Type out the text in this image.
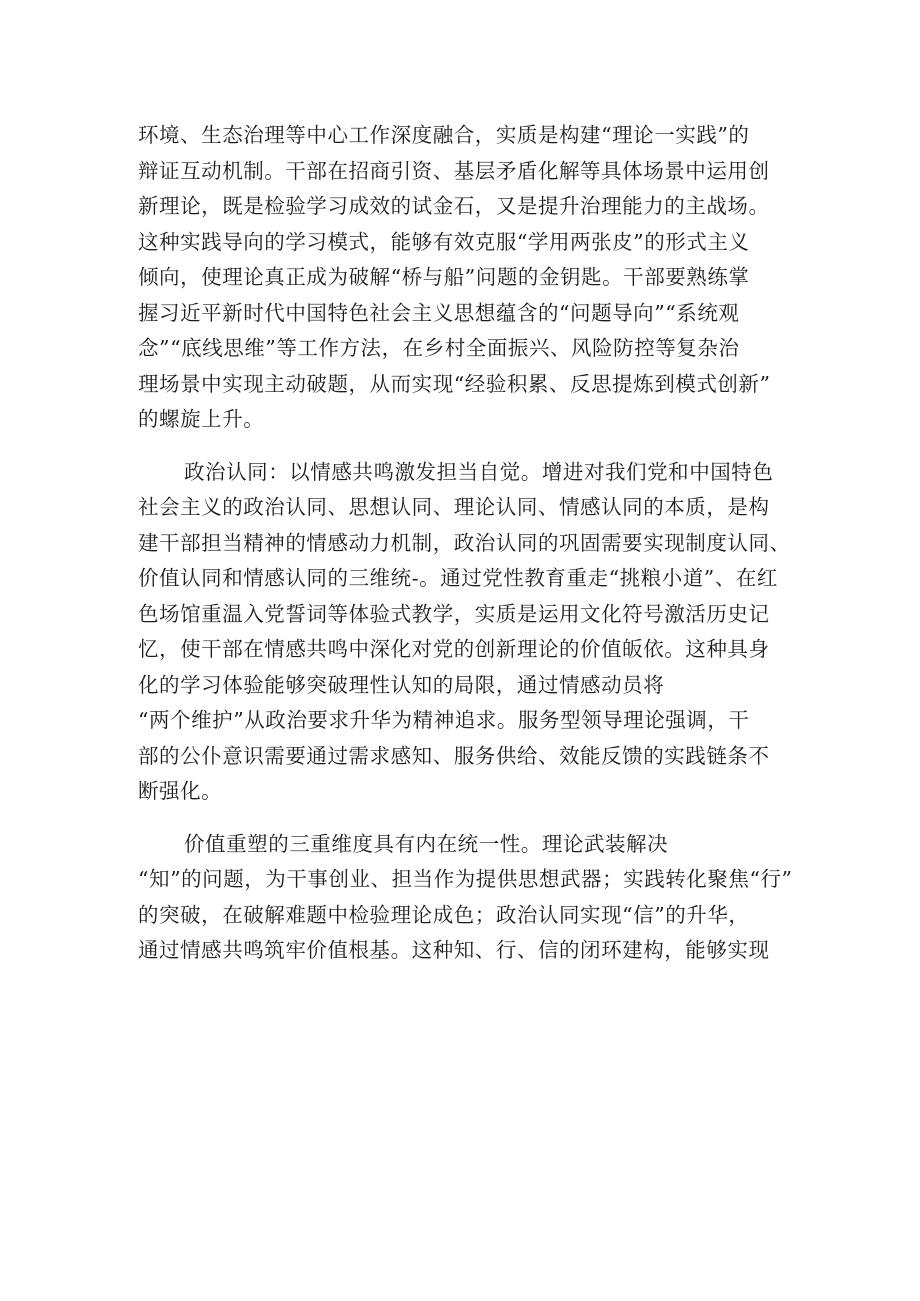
环境、生态治理等中心工作深度融合，实质是构建“理论一实践”的
辩证互动机制。干部在招商引资、基层矛盾化解等具体场景中运用创
新理论，既是检验学习成效的试金石，又是提升治理能力的主战场。
这种实践导向的学习模式，能够有效克服“学用两张皮”的形式主义
倾向，使理论真正成为破解“桥与船”问题的金钥匙。干部要熟练掌
握习近平新时代中国特色社会主义思想蕴含的“问题导向”“系统观
念”“底线思维”等工作方法，在乡村全面振兴、风险防控等复杂治
理场景中实现主动破题，从而实现“经验积累、反思提炼到模式创新”
的螺旋上升。
政治认同：以情感共鸣激发担当自觉。增进对我们党和中国特色
社会主义的政治认同、思想认同、理论认同、情感认同的本质，是构
建干部担当精神的情感动力机制，政治认同的巩固需要实现制度认同、
价值认同和情感认同的三维统-。通过党性教育重走“挑粮小道”、在红
色场馆重温入党誓词等体验式教学，实质是运用文化符号激活历史记
忆，使干部在情感共鸣中深化对党的创新理论的价值皈依。这种具身
化的学习体验能够突破理性认知的局限，通过情感动员将
“两个维护”从政治要求升华为精神追求。服务型领导理论强调，干
部的公仆意识需要通过需求感知、服务供给、效能反馈的实践链条不
断强化。
价值重塑的三重维度具有内在统一性。理论武装解决
“知”的问题，为干事创业、担当作为提供思想武器；实践转化聚焦“行”
的突破，在破解难题中检验理论成色；政治认同实现“信”的升华，
通过情感共鸣筑牢价值根基。这种知、行、信的闭环建构，能够实现
